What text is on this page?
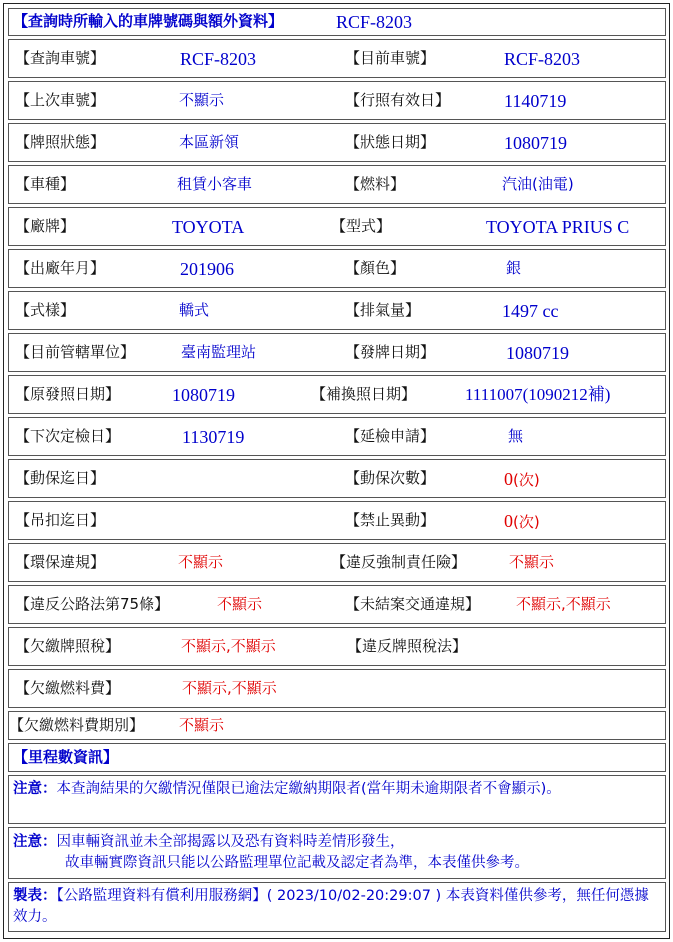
【查詢時所輸入的車牌號碼與額外資料】	RCF-8203
【查詢車號】	RCF-8203	【目前車號】	RCF-8203
【上次車號】	不顯示	【行照有效日】	1140719
【牌照狀態】	本區新領	【狀態日期】	1080719
【車種】	租賃小客車	【燃料】	汽油(油電)
【廠牌】	TOYOTA	【型式】	TOYOTA PRIUS C
【出廠年月】	201906	【顏色】	銀
【式樣】	轎式	【排氣量】	1497 cc
【目前管轄單位】	臺南監理站	【發牌日期】	1080719
【原發照日期】	1080719	【補換照日期】	1111007(1090212補)
【下次定檢日】	1130719	【延檢申請】	無
【動保迄日】	【動保次數】	0(次)
【吊扣迄日】	【禁止異動】	0(次)
【環保違規】	不顯示	【違反強制責任險】	不顯示
【違反公路法第75條】	不顯示	【未結案交通違規】 不顯示,不顯示
【欠繳牌照稅】	不顯示,不顯示	【違反牌照稅法】
【欠繳燃料費】	不顯示,不顯示
【欠繳燃料費期別】 不顯示
【里程數資訊】
注意：本查詢結果的欠繳情況僅限已逾法定繳納期限者(當年期未逾期限者不會顯示)。
注意：因車輛資訊並未全部揭露以及恐有資料時差情形發生，
故車輛實際資訊只能以公路監理單位記載及認定者為準，本表僅供參考。
製表：【公路監理資料有償利用服務網】( 2023/10/02-20:29:07 ) 本表資料僅供參考，無任何憑據效力。
